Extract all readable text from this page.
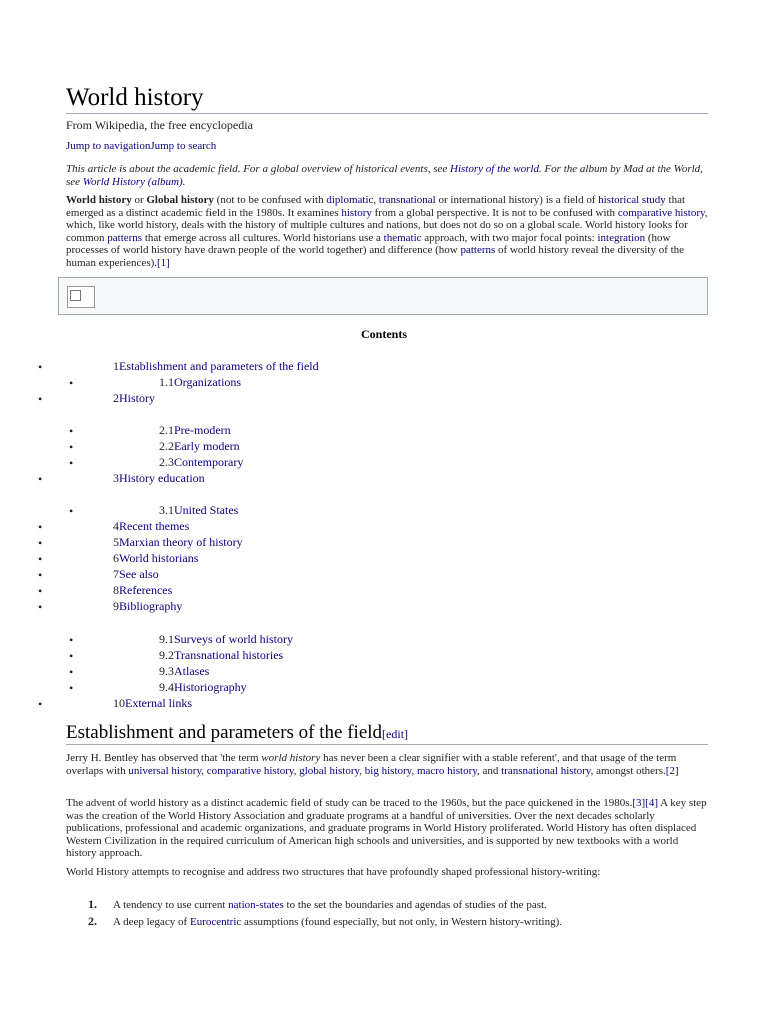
World history
From Wikipedia, the free encyclopedia
Jump to navigationJump to search
This article is about the academic field. For a global overview of historical events, see History of the world. For the album by Mad at the World, see World History (album).
World history or Global history (not to be confused with diplomatic, transnational or international history) is a field of historical study that emerged as a distinct academic field in the 1980s. It examines history from a global perspective. It is not to be confused with comparative history, which, like world history, deals with the history of multiple cultures and nations, but does not do so on a global scale. World history looks for common patterns that emerge across all cultures. World historians use a thematic approach, with two major focal points: integration (how processes of world history have drawn people of the world together) and difference (how patterns of world history reveal the diversity of the human experiences).[1]
Contents
•	1Establishment and parameters of the field
•	1.1Organizations
•	2History
•	2.1Pre-modern
•	2.2Early modern
•	2.3Contemporary
•	3History education
•	3.1United States
•	4Recent themes
•	5Marxian theory of history
•	6World historians
•	7See also
•	8References
•	9Bibliography
•	9.1Surveys of world history
•	9.2Transnational histories
•	9.3Atlases
•	9.4Historiography
•	10External links
Establishment and parameters of the field[edit]
Jerry H. Bentley has observed that 'the term world history has never been a clear signifier with a stable referent', and that usage of the term overlaps with universal history, comparative history, global history, big history, macro history, and transnational history, amongst others.[2]
The advent of world history as a distinct academic field of study can be traced to the 1960s, but the pace quickened in the 1980s.[3][4] A key step was the creation of the World History Association and graduate programs at a handful of universities. Over the next decades scholarly publications, professional and academic organizations, and graduate programs in World History proliferated. World History has often displaced Western Civilization in the required curriculum of American high schools and universities, and is supported by new textbooks with a world history approach.
World History attempts to recognise and address two structures that have profoundly shaped professional history-writing:
1. A tendency to use current nation-states to the set the boundaries and agendas of studies of the past.
2. A deep legacy of Eurocentric assumptions (found especially, but not only, in Western history-writing).
